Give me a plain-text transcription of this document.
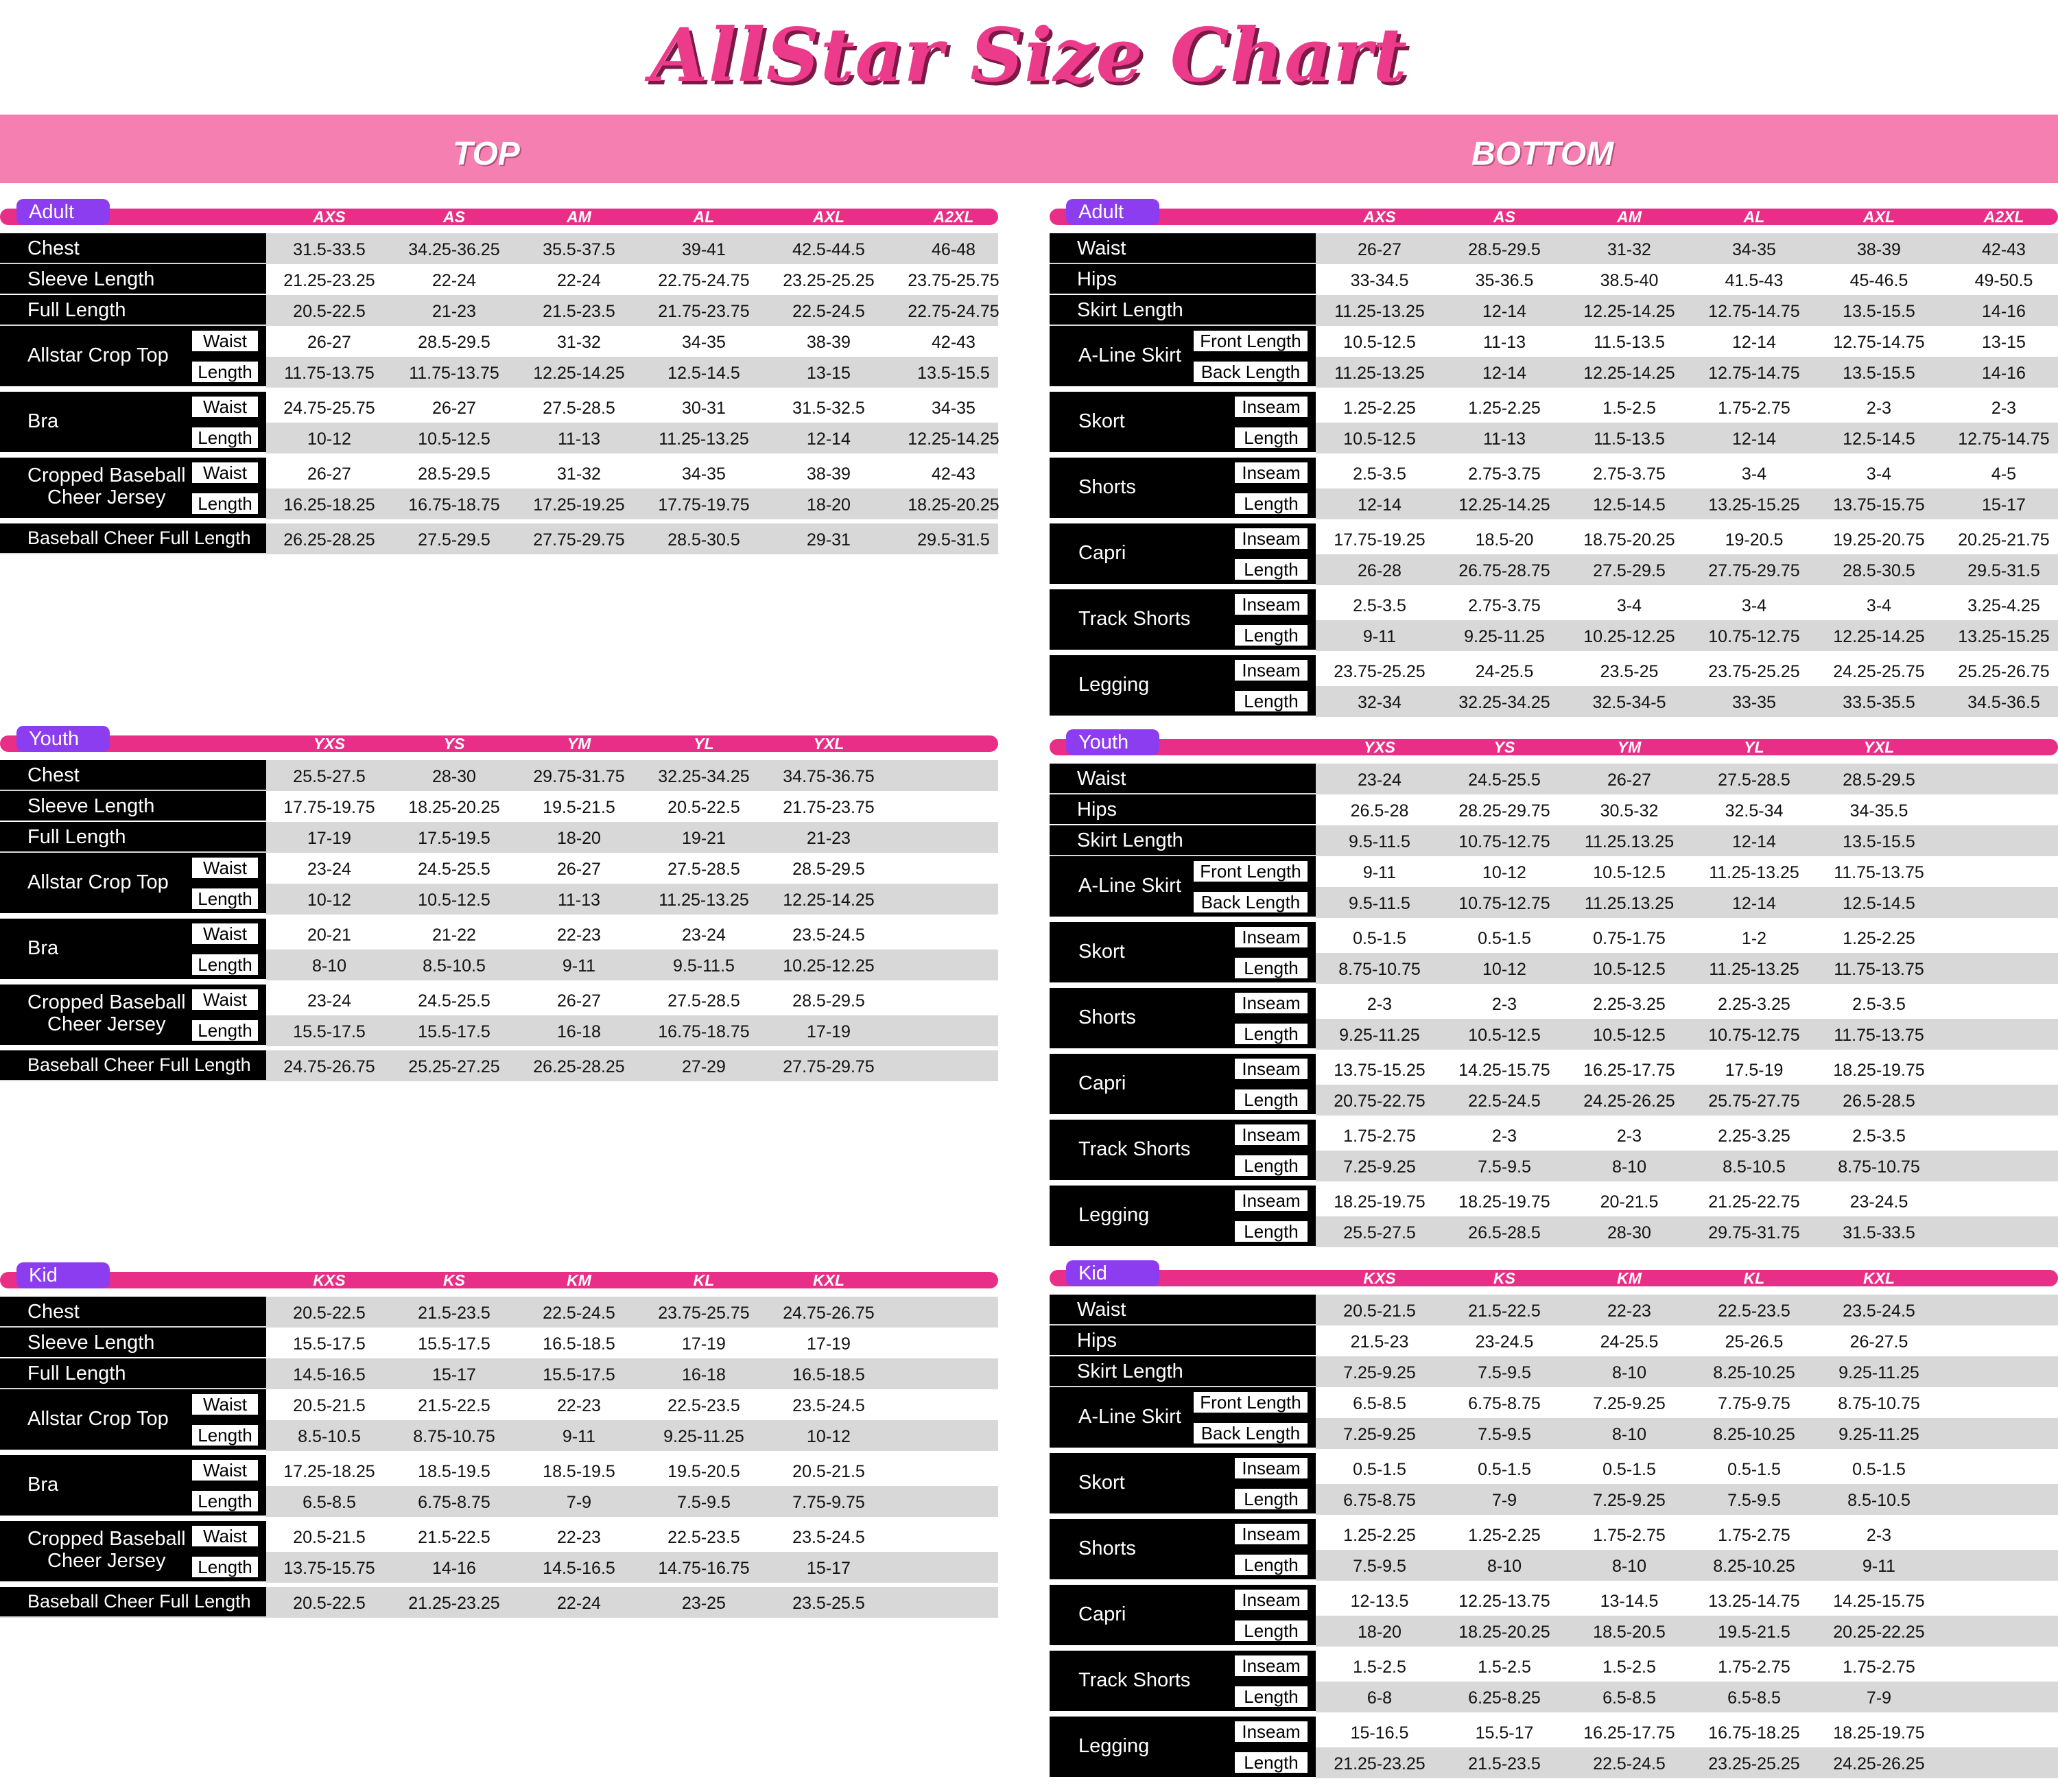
AllStar Size Chart
TOP	BOTTOM
Adult	AXS	AS	AM	AL	AXL	A2XL
Chest	31.5-33.5	34.25-36.25	35.5-37.5	39-41	42.5-44.5	46-48
Sleeve Length	21.25-23.25	22-24	22-24	22.75-24.75	23.25-25.25	23.75-25.75
Full Length	20.5-22.5	21-23	21.5-23.5	21.75-23.75	22.5-24.5	22.75-24.75
Allstar Crop Top
Waist	26-27	28.5-29.5	31-32	34-35	38-39	42-43
Length	11.75-13.75	11.75-13.75	12.25-14.25	12.5-14.5	13-15	13.5-15.5
Bra
Waist	24.75-25.75	26-27	27.5-28.5	30-31	31.5-32.5	34-35
Length	10-12	10.5-12.5	11-13	11.25-13.25	12-14	12.25-14.25
Cropped Baseball
Cheer Jersey
Waist	26-27	28.5-29.5	31-32	34-35	38-39	42-43
Length	16.25-18.25	16.75-18.75	17.25-19.25	17.75-19.75	18-20	18.25-20.25
Baseball Cheer Full Length	26.25-28.25	27.5-29.5	27.75-29.75	28.5-30.5	29-31	29.5-31.5
Youth	YXS	YS	YM	YL	YXL
Chest	25.5-27.5	28-30	29.75-31.75	32.25-34.25	34.75-36.75
Sleeve Length	17.75-19.75	18.25-20.25	19.5-21.5	20.5-22.5	21.75-23.75
Full Length	17-19	17.5-19.5	18-20	19-21	21-23
Allstar Crop Top
Waist	23-24	24.5-25.5	26-27	27.5-28.5	28.5-29.5
Length	10-12	10.5-12.5	11-13	11.25-13.25	12.25-14.25
Bra
Waist	20-21	21-22	22-23	23-24	23.5-24.5
Length	8-10	8.5-10.5	9-11	9.5-11.5	10.25-12.25
Cropped Baseball
Cheer Jersey
Waist	23-24	24.5-25.5	26-27	27.5-28.5	28.5-29.5
Length	15.5-17.5	15.5-17.5	16-18	16.75-18.75	17-19
Baseball Cheer Full Length	24.75-26.75	25.25-27.25	26.25-28.25	27-29	27.75-29.75
Kid	KXS	KS	KM	KL	KXL
Chest	20.5-22.5	21.5-23.5	22.5-24.5	23.75-25.75	24.75-26.75
Sleeve Length	15.5-17.5	15.5-17.5	16.5-18.5	17-19	17-19
Full Length	14.5-16.5	15-17	15.5-17.5	16-18	16.5-18.5
Allstar Crop Top
Waist	20.5-21.5	21.5-22.5	22-23	22.5-23.5	23.5-24.5
Length	8.5-10.5	8.75-10.75	9-11	9.25-11.25	10-12
Bra
Waist	17.25-18.25	18.5-19.5	18.5-19.5	19.5-20.5	20.5-21.5
Length	6.5-8.5	6.75-8.75	7-9	7.5-9.5	7.75-9.75
Cropped Baseball
Cheer Jersey
Waist	20.5-21.5	21.5-22.5	22-23	22.5-23.5	23.5-24.5
Length	13.75-15.75	14-16	14.5-16.5	14.75-16.75	15-17
Baseball Cheer Full Length	20.5-22.5	21.25-23.25	22-24	23-25	23.5-25.5
Adult	AXS	AS	AM	AL	AXL	A2XL
Waist	26-27	28.5-29.5	31-32	34-35	38-39	42-43
Hips	33-34.5	35-36.5	38.5-40	41.5-43	45-46.5	49-50.5
Skirt Length	11.25-13.25	12-14	12.25-14.25	12.75-14.75	13.5-15.5	14-16
A-Line Skirt
Front Length	10.5-12.5	11-13	11.5-13.5	12-14	12.75-14.75	13-15
Back Length	11.25-13.25	12-14	12.25-14.25	12.75-14.75	13.5-15.5	14-16
Skort
Inseam	1.25-2.25	1.25-2.25	1.5-2.5	1.75-2.75	2-3	2-3
Length	10.5-12.5	11-13	11.5-13.5	12-14	12.5-14.5	12.75-14.75
Shorts
Inseam	2.5-3.5	2.75-3.75	2.75-3.75	3-4	3-4	4-5
Length	12-14	12.25-14.25	12.5-14.5	13.25-15.25	13.75-15.75	15-17
Capri
Inseam	17.75-19.25	18.5-20	18.75-20.25	19-20.5	19.25-20.75	20.25-21.75
Length	26-28	26.75-28.75	27.5-29.5	27.75-29.75	28.5-30.5	29.5-31.5
Track Shorts
Inseam	2.5-3.5	2.75-3.75	3-4	3-4	3-4	3.25-4.25
Length	9-11	9.25-11.25	10.25-12.25	10.75-12.75	12.25-14.25	13.25-15.25
Legging
Inseam	23.75-25.25	24-25.5	23.5-25	23.75-25.25	24.25-25.75	25.25-26.75
Length	32-34	32.25-34.25	32.5-34-5	33-35	33.5-35.5	34.5-36.5
Youth	YXS	YS	YM	YL	YXL
Waist	23-24	24.5-25.5	26-27	27.5-28.5	28.5-29.5
Hips	26.5-28	28.25-29.75	30.5-32	32.5-34	34-35.5
Skirt Length	9.5-11.5	10.75-12.75	11.25.13.25	12-14	13.5-15.5
A-Line Skirt
Front Length	9-11	10-12	10.5-12.5	11.25-13.25	11.75-13.75
Back Length	9.5-11.5	10.75-12.75	11.25.13.25	12-14	12.5-14.5
Skort
Inseam	0.5-1.5	0.5-1.5	0.75-1.75	1-2	1.25-2.25
Length	8.75-10.75	10-12	10.5-12.5	11.25-13.25	11.75-13.75
Shorts
Inseam	2-3	2-3	2.25-3.25	2.25-3.25	2.5-3.5
Length	9.25-11.25	10.5-12.5	10.5-12.5	10.75-12.75	11.75-13.75
Capri
Inseam	13.75-15.25	14.25-15.75	16.25-17.75	17.5-19	18.25-19.75
Length	20.75-22.75	22.5-24.5	24.25-26.25	25.75-27.75	26.5-28.5
Track Shorts
Inseam	1.75-2.75	2-3	2-3	2.25-3.25	2.5-3.5
Length	7.25-9.25	7.5-9.5	8-10	8.5-10.5	8.75-10.75
Legging
Inseam	18.25-19.75	18.25-19.75	20-21.5	21.25-22.75	23-24.5
Length	25.5-27.5	26.5-28.5	28-30	29.75-31.75	31.5-33.5
Kid	KXS	KS	KM	KL	KXL
Waist	20.5-21.5	21.5-22.5	22-23	22.5-23.5	23.5-24.5
Hips	21.5-23	23-24.5	24-25.5	25-26.5	26-27.5
Skirt Length	7.25-9.25	7.5-9.5	8-10	8.25-10.25	9.25-11.25
A-Line Skirt
Front Length	6.5-8.5	6.75-8.75	7.25-9.25	7.75-9.75	8.75-10.75
Back Length	7.25-9.25	7.5-9.5	8-10	8.25-10.25	9.25-11.25
Skort
Inseam	0.5-1.5	0.5-1.5	0.5-1.5	0.5-1.5	0.5-1.5
Length	6.75-8.75	7-9	7.25-9.25	7.5-9.5	8.5-10.5
Shorts
Inseam	1.25-2.25	1.25-2.25	1.75-2.75	1.75-2.75	2-3
Length	7.5-9.5	8-10	8-10	8.25-10.25	9-11
Capri
Inseam	12-13.5	12.25-13.75	13-14.5	13.25-14.75	14.25-15.75
Length	18-20	18.25-20.25	18.5-20.5	19.5-21.5	20.25-22.25
Track Shorts
Inseam	1.5-2.5	1.5-2.5	1.5-2.5	1.75-2.75	1.75-2.75
Length	6-8	6.25-8.25	6.5-8.5	6.5-8.5	7-9
Legging
Inseam	15-16.5	15.5-17	16.25-17.75	16.75-18.25	18.25-19.75
Length	21.25-23.25	21.5-23.5	22.5-24.5	23.25-25.25	24.25-26.25
